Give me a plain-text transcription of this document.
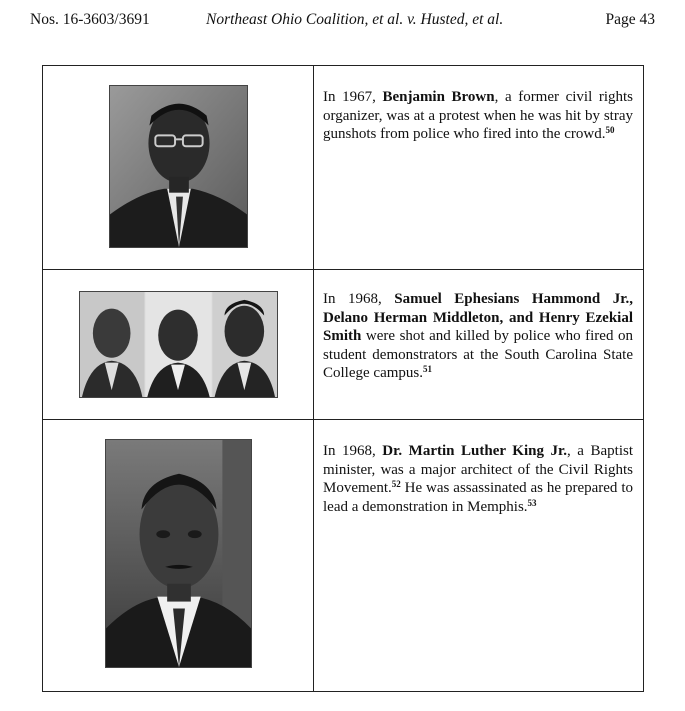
Nos. 16-3603/3691	Northeast Ohio Coalition, et al. v. Husted, et al.	Page 43

In 1967, Benjamin Brown, a former civil rights organizer, was at a protest when he was hit by stray gunshots from police who fired into the crowd.$^{50}$

In 1968, Samuel Ephesians Hammond Jr., Delano Herman Middleton, and Henry Ezekial Smith were shot and killed by police who fired on student demonstrators at the South Carolina State College campus.$^{51}$

In 1968, Dr. Martin Luther King Jr., a Baptist minister, was a major architect of the Civil Rights Movement.$^{52}$ He was assassinated as he prepared to lead a demonstration in Memphis.$^{53}$
